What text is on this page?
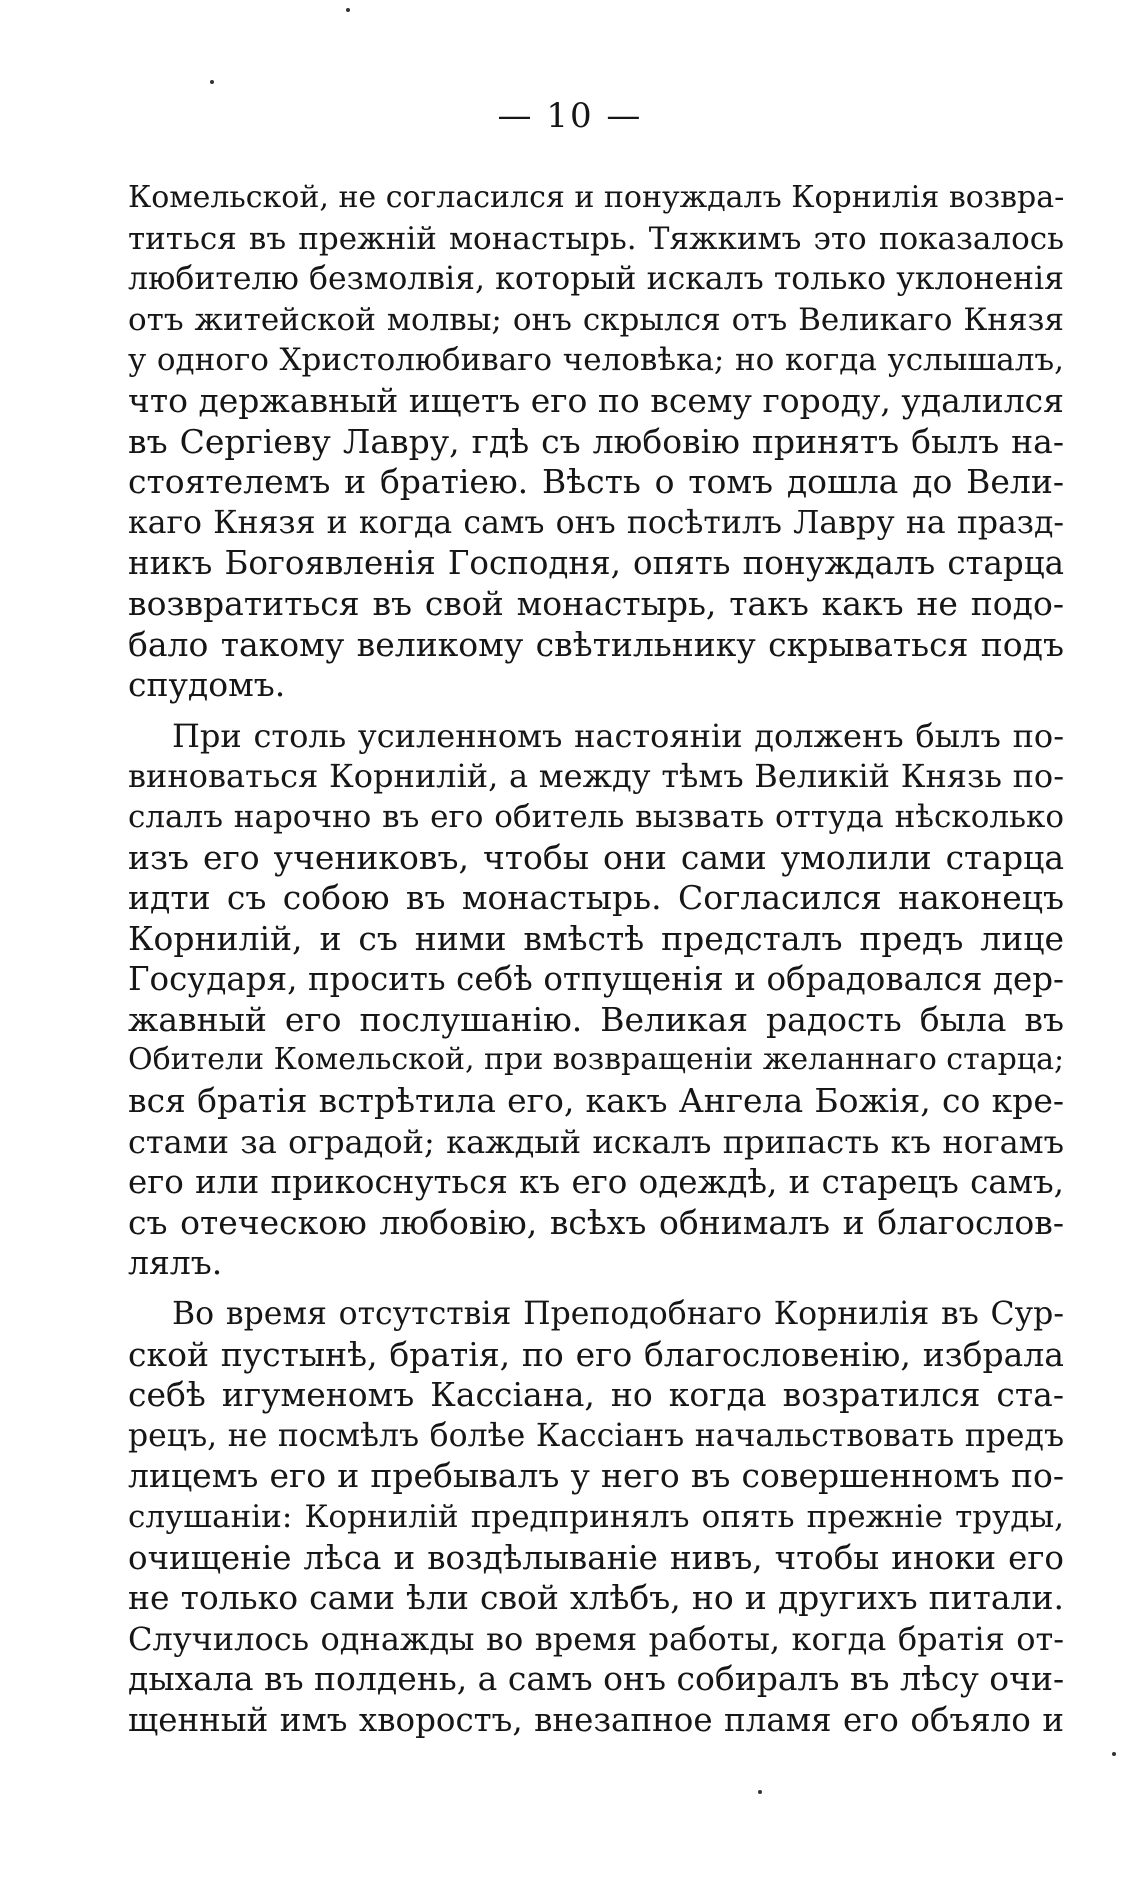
— 10 —
Комельской, не согласился и понуждалъ Корнилія возвра-
титься въ прежній монастырь. Тяжкимъ это показалось
любителю безмолвія, который искалъ только уклоненія
отъ житейской молвы; онъ скрылся отъ Великаго Князя
у одного Христолюбиваго человѣка; но когда услышалъ,
что державный ищетъ его по всему городу, удалился
въ Сергіеву Лавру, гдѣ съ любовію принятъ былъ на-
стоятелемъ и братіею. Вѣсть о томъ дошла до Вели-
каго Князя и когда самъ онъ посѣтилъ Лавру на празд-
никъ Богоявленія Господня, опять понуждалъ старца
возвратиться въ свой монастырь, такъ какъ не подо-
бало такому великому свѣтильнику скрываться подъ
спудомъ.
При столь усиленномъ настояніи долженъ былъ по-
виноваться Корнилій, а между тѣмъ Великій Князь по-
слалъ нарочно въ его обитель вызвать оттуда нѣсколько
изъ его учениковъ, чтобы они сами умолили старца
идти съ собою въ монастырь. Согласился наконецъ
Корнилій, и съ ними вмѣстѣ предсталъ предъ лице
Государя, просить себѣ отпущенія и обрадовался дер-
жавный его послушанію. Великая радость была въ
Обители Комельской, при возвращеніи желаннаго старца;
вся братія встрѣтила его, какъ Ангела Божія, со кре-
стами за оградой; каждый искалъ припасть къ ногамъ
его или прикоснуться къ его одеждѣ, и старецъ самъ,
съ отеческою любовію, всѣхъ обнималъ и благослов-
лялъ.
Во время отсутствія Преподобнаго Корнилія въ Сур-
ской пустынѣ, братія, по его благословенію, избрала
себѣ игуменомъ Кассіана, но когда возратился ста-
рецъ, не посмѣлъ болѣе Кассіанъ начальствовать предъ
лицемъ его и пребывалъ у него въ совершенномъ по-
слушаніи: Корнилій предпринялъ опять прежніе труды,
очищеніе лѣса и воздѣлываніе нивъ, чтобы иноки его
не только сами ѣли свой хлѣбъ, но и другихъ питали.
Случилось однажды во время работы, когда братія от-
дыхала въ полдень, а самъ онъ собиралъ въ лѣсу очи-
щенный имъ хворостъ, внезапное пламя его объяло и
